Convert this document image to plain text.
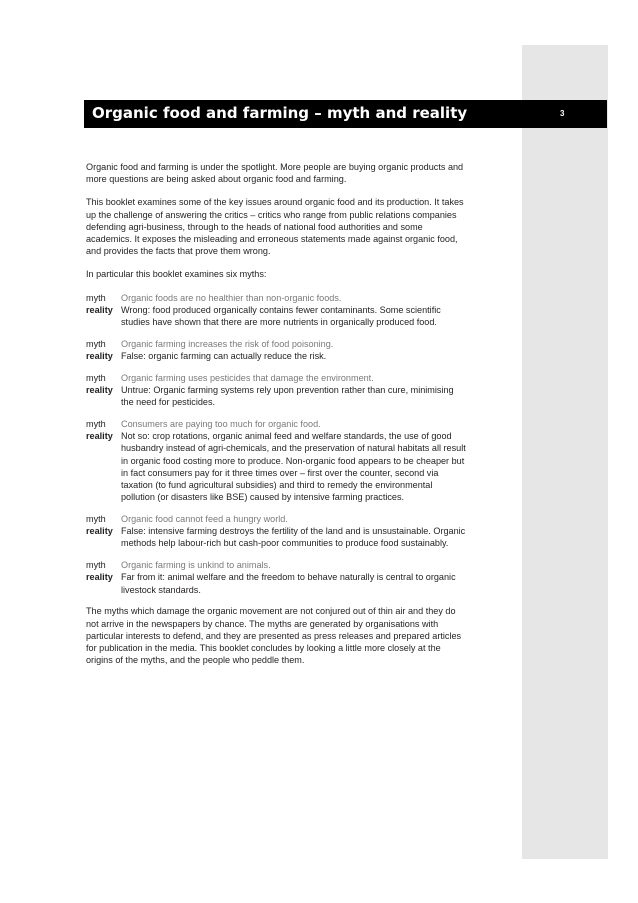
Organic food and farming – myth and reality	3

Organic food and farming is under the spotlight. More people are buying organic products and more questions are being asked about organic food and farming.

This booklet examines some of the key issues around organic food and its production. It takes up the challenge of answering the critics – critics who range from public relations companies defending agri-business, through to the heads of national food authorities and some academics. It exposes the misleading and erroneous statements made against organic food, and provides the facts that prove them wrong.

In particular this booklet examines six myths:

myth	Organic foods are no healthier than non-organic foods.
reality Wrong: food produced organically contains fewer contaminants. Some scientific studies have shown that there are more nutrients in organically produced food.
myth	Organic farming increases the risk of food poisoning.
reality False: organic farming can actually reduce the risk.
myth	Organic farming uses pesticides that damage the environment.
reality Untrue: Organic farming systems rely upon prevention rather than cure, minimising the need for pesticides.
myth	Consumers are paying too much for organic food.
reality Not so: crop rotations, organic animal feed and welfare standards, the use of good husbandry instead of agri-chemicals, and the preservation of natural habitats all result in organic food costing more to produce. Non-organic food appears to be cheaper but in fact consumers pay for it three times over – first over the counter, second via taxation (to fund agricultural subsidies) and third to remedy the environmental pollution (or disasters like BSE) caused by intensive farming practices.
myth	Organic food cannot feed a hungry world.
reality False: intensive farming destroys the fertility of the land and is unsustainable. Organic methods help labour-rich but cash-poor communities to produce food sustainably.
myth	Organic farming is unkind to animals.
reality Far from it: animal welfare and the freedom to behave naturally is central to organic livestock standards.

The myths which damage the organic movement are not conjured out of thin air and they do not arrive in the newspapers by chance. The myths are generated by organisations with particular interests to defend, and they are presented as press releases and prepared articles for publication in the media. This booklet concludes by looking a little more closely at the origins of the myths, and the people who peddle them.
